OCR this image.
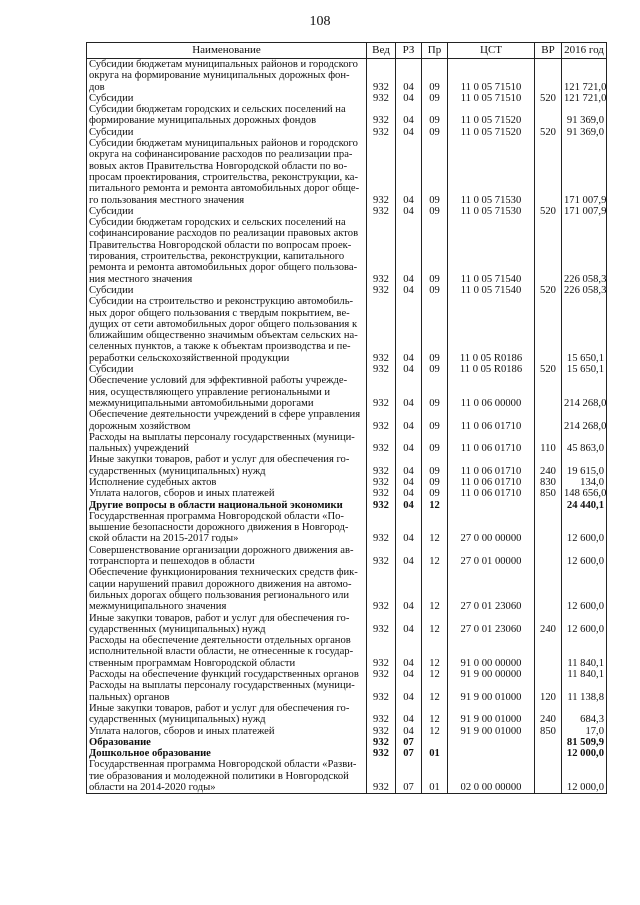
108
Наименование	Вед	РЗ	Пр	ЦСТ	ВР	2016 год
Субсидии бюджетам муниципальных районов и городского округа на формирование муниципальных дорожных фон-дов	932	04	09	11 0 05 71510		121 721,0
Субсидии	932	04	09	11 0 05 71510	520	121 721,0
Субсидии бюджетам городских и сельских поселений на формирование муниципальных дорожных фондов	932	04	09	11 0 05 71520		91 369,0
Субсидии	932	04	09	11 0 05 71520	520	91 369,0
Субсидии бюджетам муниципальных районов и городского округа на софинансирование расходов по реализации пра-вовых актов Правительства Новгородской области по во-просам проектирования, строительства, реконструкции, ка-питального ремонта и ремонта автомобильных дорог обще-го пользования местного значения	932	04	09	11 0 05 71530		171 007,9
Субсидии	932	04	09	11 0 05 71530	520	171 007,9
Субсидии бюджетам городских и сельских поселений на софинансирование расходов по реализации правовых актов Правительства Новгородской области по вопросам проек-тирования, строительства, реконструкции, капитального ремонта и ремонта автомобильных дорог общего пользова-ния местного значения	932	04	09	11 0 05 71540		226 058,3
Субсидии	932	04	09	11 0 05 71540	520	226 058,3
Субсидии на строительство и реконструкцию автомобиль-ных дорог общего пользования с твердым покрытием, ве-дущих от сети автомобильных дорог общего пользования к ближайшим общественно значимым объектам сельских на-селенных пунктов, а также к объектам производства и пе-реработки сельскохозяйственной продукции	932	04	09	11 0 05 R0186		15 650,1
Субсидии	932	04	09	11 0 05 R0186	520	15 650,1
Обеспечение условий для эффективной работы учрежде-ния, осуществляющего управление региональными и межмуниципальными автомобильными дорогами	932	04	09	11 0 06 00000		214 268,0
Обеспечение деятельности учреждений в сфере управления дорожным хозяйством	932	04	09	11 0 06 01710		214 268,0
Расходы на выплаты персоналу государственных (муници-пальных) учреждений	932	04	09	11 0 06 01710	110	45 863,0
Иные закупки товаров, работ и услуг для обеспечения го-сударственных (муниципальных) нужд	932	04	09	11 0 06 01710	240	19 615,0
Исполнение судебных актов	932	04	09	11 0 06 01710	830	134,0
Уплата налогов, сборов и иных платежей	932	04	09	11 0 06 01710	850	148 656,0
Другие вопросы в области национальной экономики	932	04	12			24 440,1
Государственная программа Новгородской области «По-вышение безопасности дорожного движения в Новгород-ской области на 2015-2017 годы»	932	04	12	27 0 00 00000		12 600,0
Совершенствование организации дорожного движения ав-тотранспорта и пешеходов в области	932	04	12	27 0 01 00000		12 600,0
Обеспечение функционирования технических средств фик-сации нарушений правил дорожного движения на автомо-бильных дорогах общего пользования регионального или межмуниципального значения	932	04	12	27 0 01 23060		12 600,0
Иные закупки товаров, работ и услуг для обеспечения го-сударственных (муниципальных) нужд	932	04	12	27 0 01 23060	240	12 600,0
Расходы на обеспечение деятельности отдельных органов исполнительной власти области, не отнесенные к государ-ственным программам Новгородской области	932	04	12	91 0 00 00000		11 840,1
Расходы на обеспечение функций государственных органов	932	04	12	91 9 00 00000		11 840,1
Расходы на выплаты персоналу государственных (муници-пальных) органов	932	04	12	91 9 00 01000	120	11 138,8
Иные закупки товаров, работ и услуг для обеспечения го-сударственных (муниципальных) нужд	932	04	12	91 9 00 01000	240	684,3
Уплата налогов, сборов и иных платежей	932	04	12	91 9 00 01000	850	17,0
Образование	932	07				81 509,9
Дошкольное образование	932	07	01			12 000,0
Государственная программа Новгородской области «Разви-тие образования и молодежной политики в Новгородской области на 2014-2020 годы»	932	07	01	02 0 00 00000		12 000,0
